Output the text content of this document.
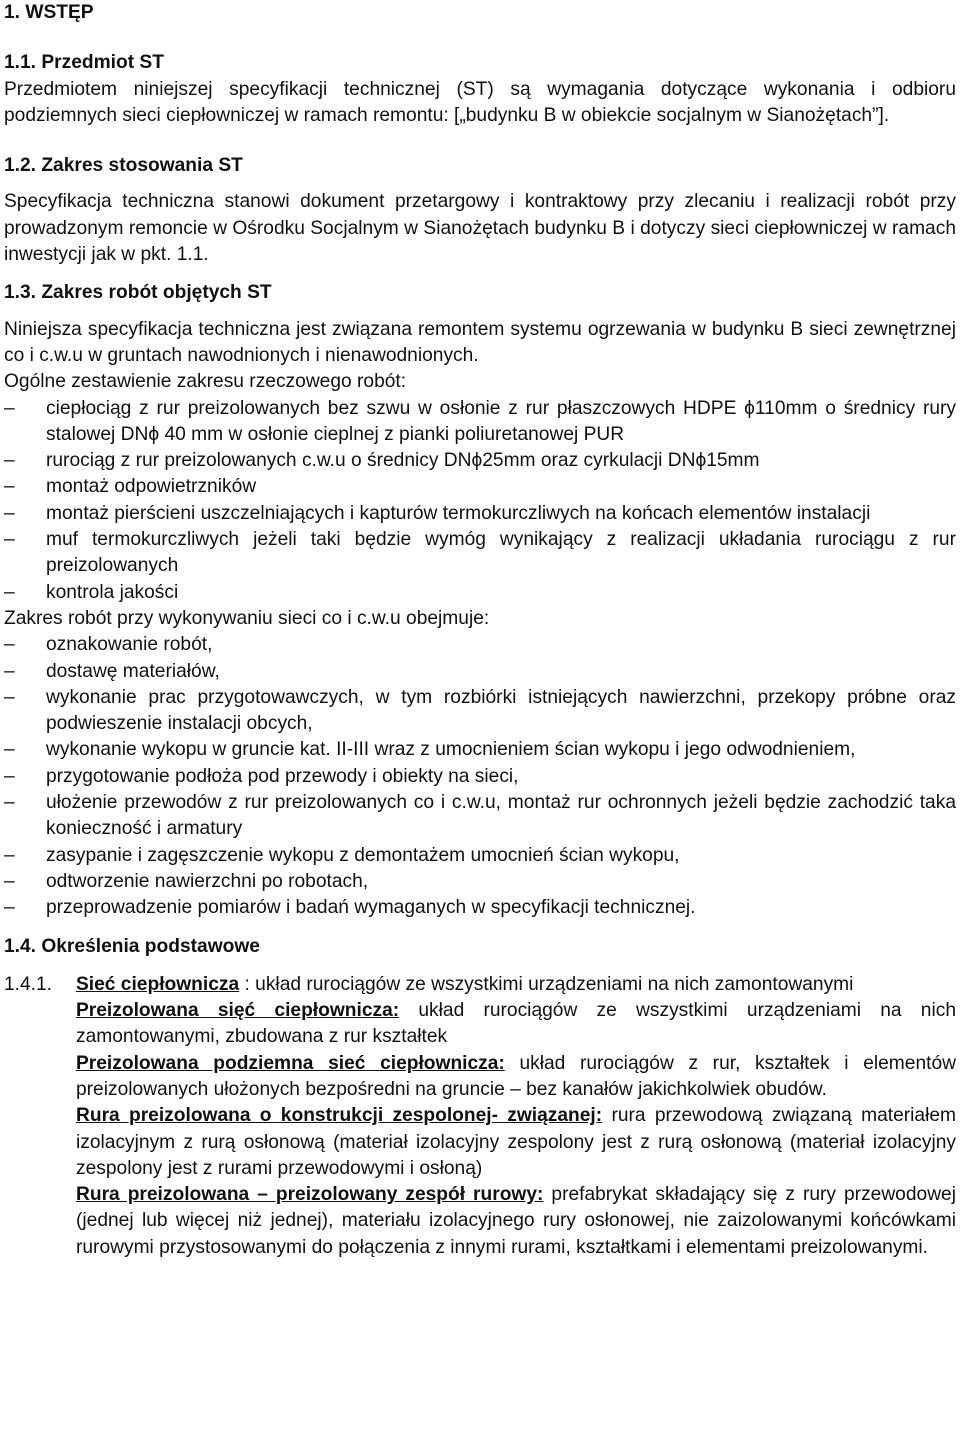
1. WSTĘP

1.1. Przedmiot ST

Przedmiotem niniejszej specyfikacji technicznej (ST) są wymagania dotyczące wykonania i odbioru podziemnych sieci ciepłowniczej w ramach remontu: [„budynku B w obiekcie socjalnym w Sianożętach”].

1.2. Zakres stosowania ST

Specyfikacja techniczna stanowi dokument przetargowy i kontraktowy przy zlecaniu i realizacji robót przy prowadzonym remoncie w Ośrodku Socjalnym w Sianożętach budynku B i dotyczy sieci ciepłowniczej w ramach inwestycji jak w pkt. 1.1.

1.3. Zakres robót objętych ST

Niniejsza specyfikacja techniczna jest związana remontem systemu ogrzewania w budynku B sieci zewnętrznej co i c.w.u w gruntach nawodnionych i nienawodnionych.

Ogólne zestawienie zakresu rzeczowego robót:

–	ciepłociąg z rur preizolowanych bez szwu w osłonie z rur płaszczowych HDPE ϕ110mm o średnicy rury stalowej DNϕ 40 mm w osłonie cieplnej z pianki poliuretanowej PUR
–	rurociąg z rur preizolowanych c.w.u o średnicy DNϕ25mm oraz cyrkulacji DNϕ15mm
–	montaż odpowietrzników
–	montaż pierścieni uszczelniających i kapturów termokurczliwych na końcach elementów instalacji
–	muf termokurczliwych jeżeli taki będzie wymóg wynikający z realizacji układania rurociągu z rur preizolowanych
–	kontrola jakości

Zakres robót przy wykonywaniu sieci co i c.w.u obejmuje:

–	oznakowanie robót,
–	dostawę materiałów,
–	wykonanie prac przygotowawczych, w tym rozbiórki istniejących nawierzchni, przekopy próbne oraz podwieszenie instalacji obcych,
–	wykonanie wykopu w gruncie kat. II-III wraz z umocnieniem ścian wykopu i jego odwodnieniem,
–	przygotowanie podłoża pod przewody i obiekty na sieci,
–	ułożenie przewodów z rur preizolowanych co i c.w.u, montaż rur ochronnych jeżeli będzie zachodzić taka konieczność i armatury
–	zasypanie i zagęszczenie wykopu z demontażem umocnień ścian wykopu,
–	odtworzenie nawierzchni po robotach,
–	przeprowadzenie pomiarów i badań wymaganych w specyfikacji technicznej.

1.4. Określenia podstawowe

1.4.1.	Sieć ciepłownicza : układ rurociągów ze wszystkimi urządzeniami na nich zamontowanymi

Preizolowana sięć ciepłownicza: układ rurociągów ze wszystkimi urządzeniami na nich zamontowanymi, zbudowana z rur kształtek

Preizolowana podziemna sieć ciepłownicza: układ rurociągów z rur, kształtek i elementów preizolowanych ułożonych bezpośredni na gruncie – bez kanałów jakichkolwiek obudów.

Rura preizolowana o konstrukcji zespolonej- związanej: rura przewodową związaną materiałem izolacyjnym z rurą osłonową (materiał izolacyjny zespolony jest z rurą osłonową (materiał izolacyjny zespolony jest z rurami przewodowymi i osłoną)

Rura preizolowana – preizolowany zespół rurowy: prefabrykat składający się z rury przewodowej (jednej lub więcej niż jednej), materiału izolacyjnego rury osłonowej, nie zaizolowanymi końcówkami rurowymi przystosowanymi do połączenia z innymi rurami, kształtkami i elementami preizolowanymi.
